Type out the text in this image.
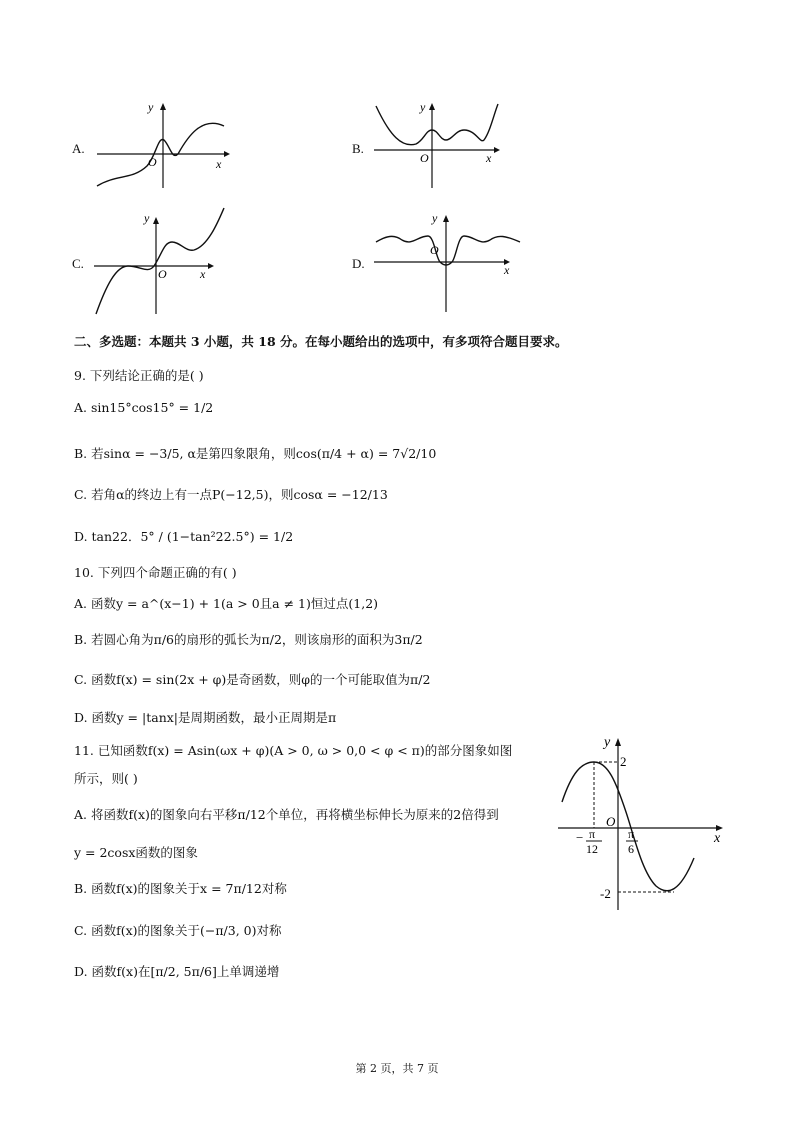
A.
y
x
O
B.
y
x
O
C.
y
x
O
D.
y
x
O
二、多选题：本题共 3 小题，共 18 分。在每小题给出的选项中，有多项符合题目要求。
9. 下列结论正确的是( )
A. sin15°cos15° = 1/2
B. 若sinα = −3/5, α是第四象限角，则cos(π/4 + α) = 7√2/10
C. 若角α的终边上有一点P(−12,5)，则cosα = −12/13
D. tan22．5° / (1−tan²22.5°) = 1/2
10. 下列四个命题正确的有( )
A. 函数y = a^(x−1) + 1(a > 0且a ≠ 1)恒过点(1,2)
B. 若圆心角为π/6的扇形的弧长为π/2，则该扇形的面积为3π/2
C. 函数f(x) = sin(2x + φ)是奇函数，则φ的一个可能取值为π/2
D. 函数y = |tanx|是周期函数，最小正周期是π
11. 已知函数f(x) = Asin(ωx + φ)(A > 0, ω > 0,0 < φ < π)的部分图象如图
所示，则( )
A. 将函数f(x)的图象向右平移π/12个单位，再将横坐标伸长为原来的2倍得到
y = 2cosx函数的图象
B. 函数f(x)的图象关于x = 7π/12对称
C. 函数f(x)的图象关于(−π/3, 0)对称
D. 函数f(x)在[π/2, 5π/6]上单调递增
y
x
O
2
-2
− π
12
π
6
第 2 页，共 7 页
